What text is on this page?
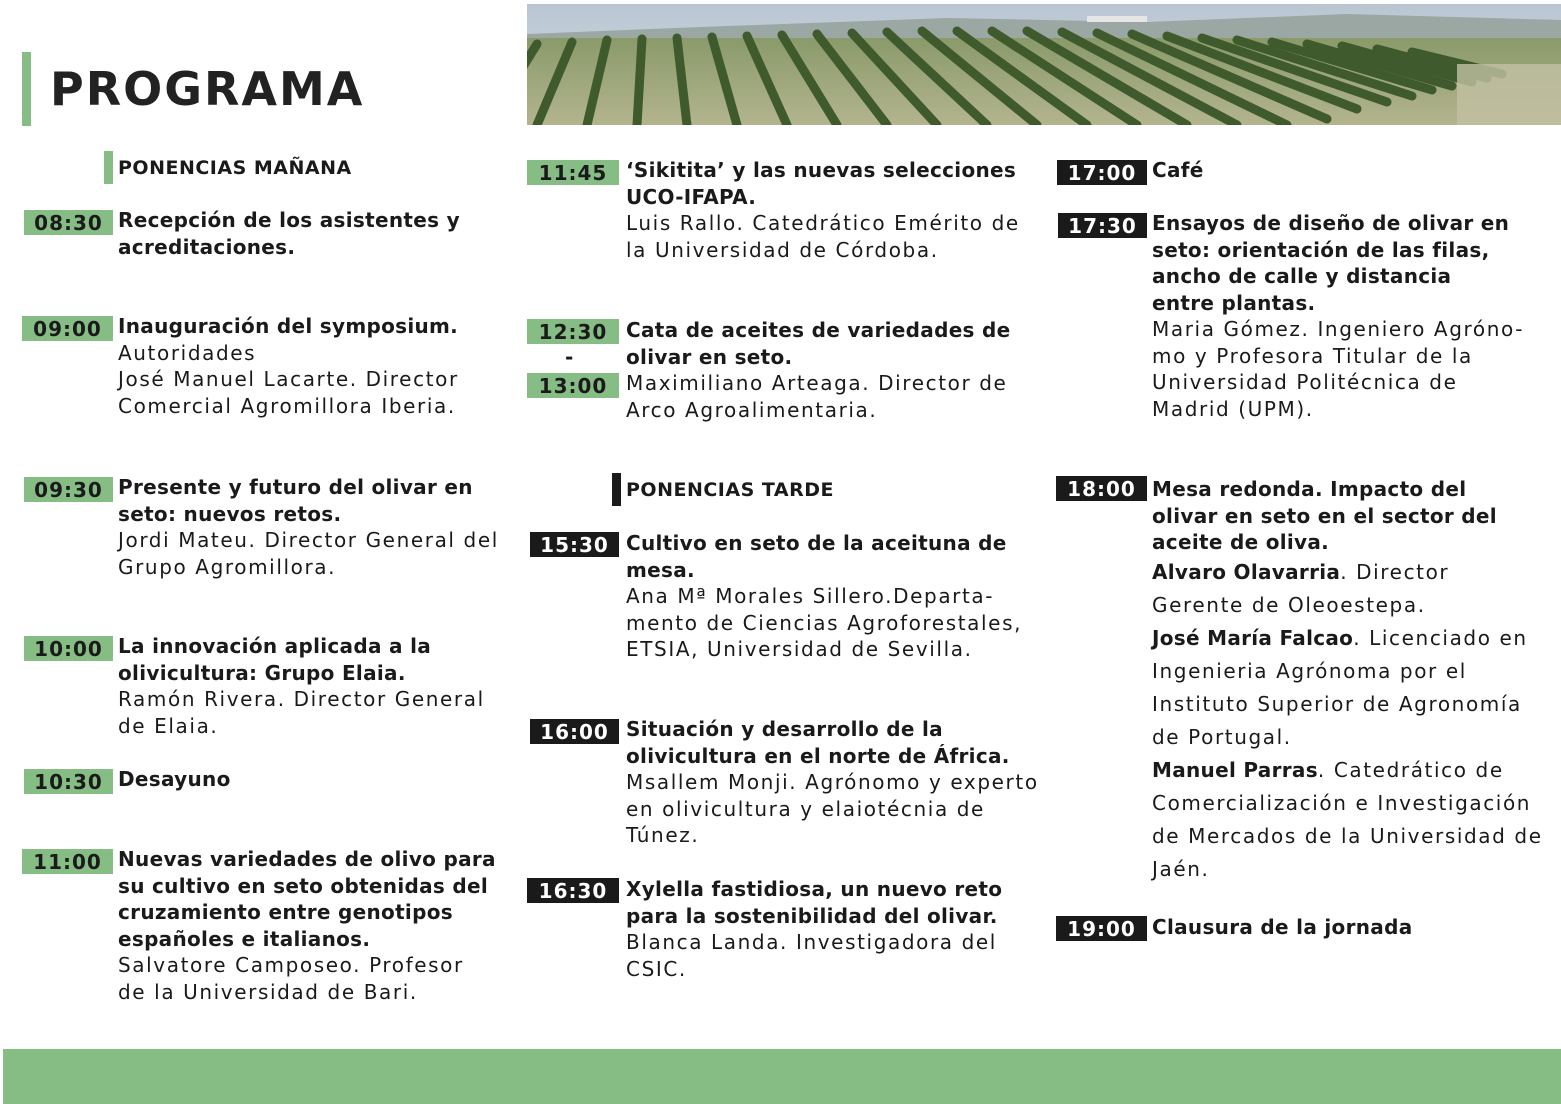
PROGRAMA
PONENCIAS MAÑANA
08:30 Recepción de los asistentes y
acreditaciones.
09:00 Inauguración del symposium.
Autoridades
José Manuel Lacarte. Director
Comercial Agromillora Iberia.
09:30 Presente y futuro del olivar en
seto: nuevos retos.
Jordi Mateu. Director General del
Grupo Agromillora.
10:00 La innovación aplicada a la
olivicultura: Grupo Elaia.
Ramón Rivera. Director General
de Elaia.
10:30 Desayuno
11:00 Nuevas variedades de olivo para
su cultivo en seto obtenidas del
cruzamiento entre genotipos
españoles e italianos.
Salvatore Camposeo. Profesor
de la Universidad de Bari.
11:45 ‘Sikitita’ y las nuevas selecciones
UCO-IFAPA.
Luis Rallo. Catedrático Emérito de
la Universidad de Córdoba.
12:30
-
13:00
Cata de aceites de variedades de
olivar en seto.
Maximiliano Arteaga. Director de
Arco Agroalimentaria.
PONENCIAS TARDE
15:30 Cultivo en seto de la aceituna de
mesa.
Ana Mª Morales Sillero.Departa-
mento de Ciencias Agroforestales,
ETSIA, Universidad de Sevilla.
16:00 Situación y desarrollo de la
olivicultura en el norte de África.
Msallem Monji. Agrónomo y experto
en olivicultura y elaiotécnia de
Túnez.
16:30 Xylella fastidiosa, un nuevo reto
para la sostenibilidad del olivar.
Blanca Landa. Investigadora del
CSIC.
17:00 Café
17:30 Ensayos de diseño de olivar en
seto: orientación de las filas,
ancho de calle y distancia
entre plantas.
Maria Gómez. Ingeniero Agróno-
mo y Profesora Titular de la
Universidad Politécnica de
Madrid (UPM).
18:00 Mesa redonda. Impacto del
olivar en seto en el sector del
aceite de oliva.
Alvaro Olavarria. Director
Gerente de Oleoestepa.
José María Falcao. Licenciado en
Ingenieria Agrónoma por el
Instituto Superior de Agronomía
de Portugal.
Manuel Parras. Catedrático de
Comercialización e Investigación
de Mercados de la Universidad de
Jaén.
19:00 Clausura de la jornada
